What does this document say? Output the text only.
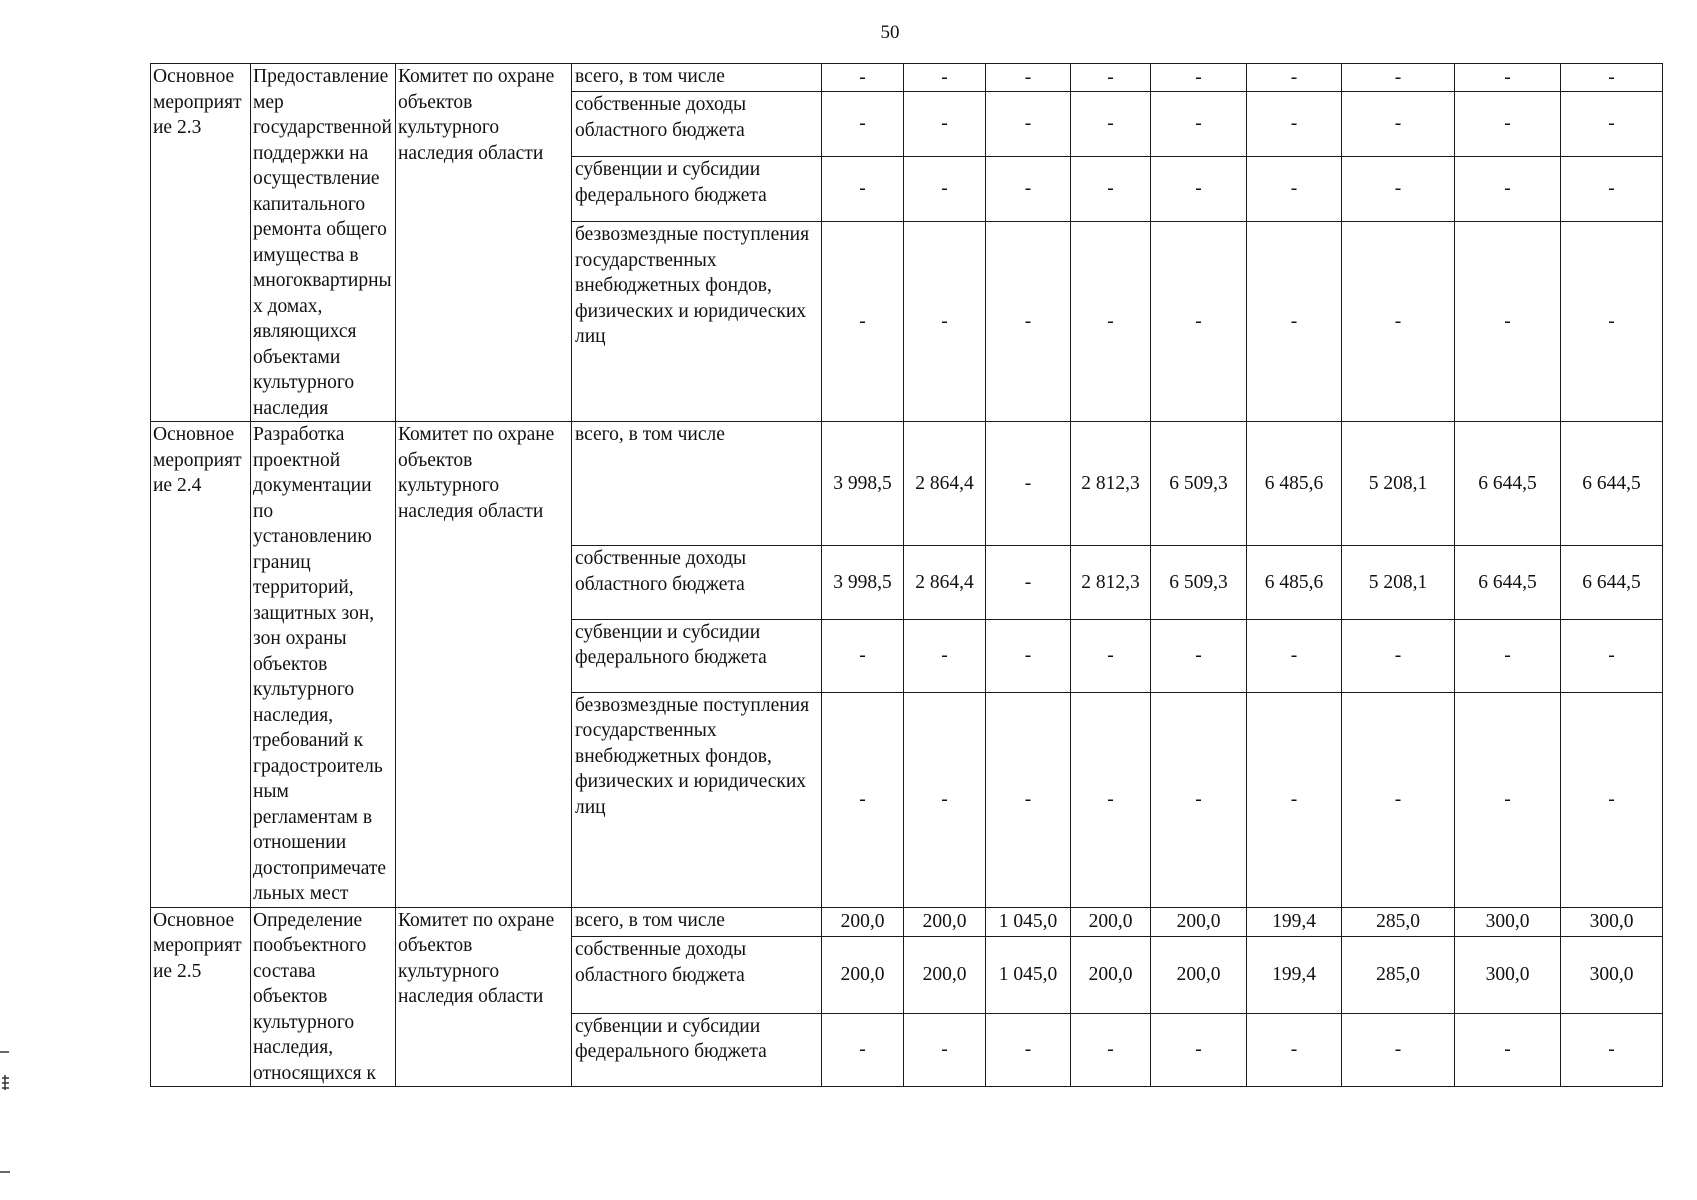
50
Основное мероприятие 2.3	Предоставление мер государственной поддержки на осуществление капитального ремонта общего имущества в многоквартирных домах, являющихся объектами культурного наследия	Комитет по охране объектов культурного наследия области	всего, в том числе	-	-	-	-	-	-	-	-	-
			собственные доходы областного бюджета	-	-	-	-	-	-	-	-	-
			субвенции и субсидии федерального бюджета	-	-	-	-	-	-	-	-	-
			безвозмездные поступления государственных внебюджетных фондов, физических и юридических лиц	-	-	-	-	-	-	-	-	-
Основное мероприятие 2.4	Разработка проектной документации по установлению границ территорий, защитных зон, зон охраны объектов культурного наследия, требований к градостроительным регламентам в отношении достопримечательных мест	Комитет по охране объектов культурного наследия области	всего, в том числе	3 998,5	2 864,4	-	2 812,3	6 509,3	6 485,6	5 208,1	6 644,5	6 644,5
			собственные доходы областного бюджета	3 998,5	2 864,4	-	2 812,3	6 509,3	6 485,6	5 208,1	6 644,5	6 644,5
			субвенции и субсидии федерального бюджета	-	-	-	-	-	-	-	-	-
			безвозмездные поступления государственных внебюджетных фондов, физических и юридических лиц	-	-	-	-	-	-	-	-	-
Основное мероприятие 2.5	Определение пообъектного состава объектов культурного наследия, относящихся к	Комитет по охране объектов культурного наследия области	всего, в том числе	200,0	200,0	1 045,0	200,0	200,0	199,4	285,0	300,0	300,0
			собственные доходы областного бюджета	200,0	200,0	1 045,0	200,0	200,0	199,4	285,0	300,0	300,0
			субвенции и субсидии федерального бюджета	-	-	-	-	-	-	-	-	-
